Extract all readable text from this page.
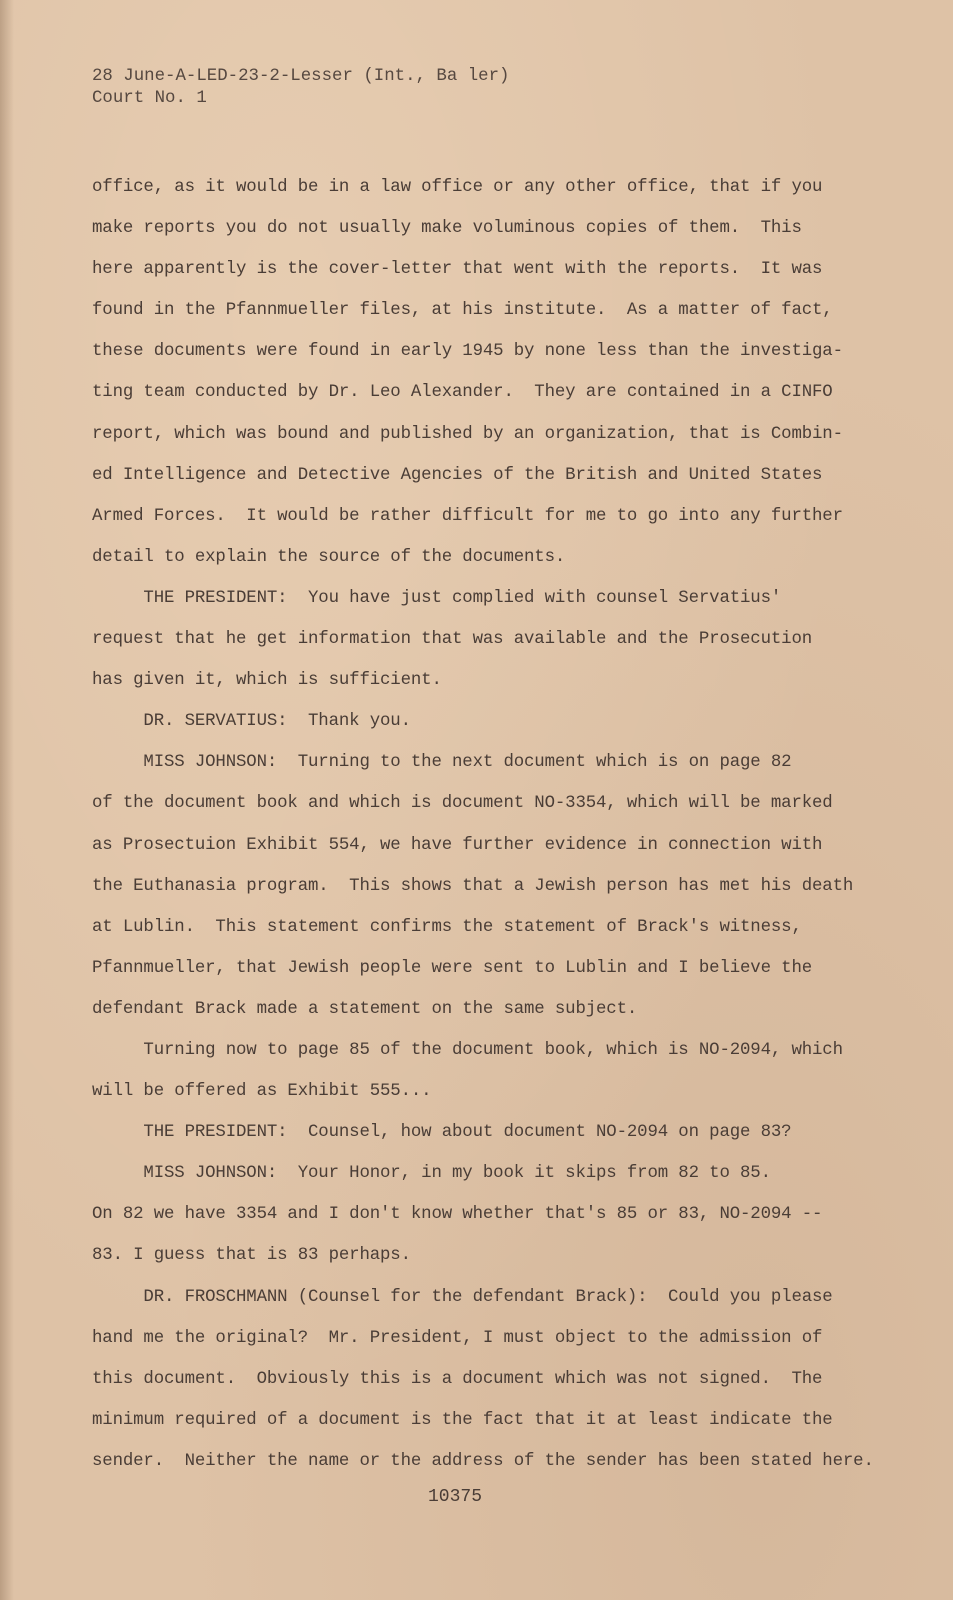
28 June-A-LED-23-2-Lesser (Int., Ba ler)
Court No. 1
office, as it would be in a law office or any other office, that if you
make reports you do not usually make voluminous copies of them.  This
here apparently is the cover-letter that went with the reports.  It was
found in the Pfannmueller files, at his institute.  As a matter of fact,
these documents were found in early 1945 by none less than the investiga-
ting team conducted by Dr. Leo Alexander.  They are contained in a CINFO
report, which was bound and published by an organization, that is Combin-
ed Intelligence and Detective Agencies of the British and United States
Armed Forces.  It would be rather difficult for me to go into any further
detail to explain the source of the documents.
THE PRESIDENT:  You have just complied with counsel Servatius'
request that he get information that was available and the Prosecution
has given it, which is sufficient.
DR. SERVATIUS:  Thank you.
MISS JOHNSON:  Turning to the next document which is on page 82
of the document book and which is document NO-3354, which will be marked
as Prosectuion Exhibit 554, we have further evidence in connection with
the Euthanasia program.  This shows that a Jewish person has met his death
at Lublin.  This statement confirms the statement of Brack's witness,
Pfannmueller, that Jewish people were sent to Lublin and I believe the
defendant Brack made a statement on the same subject.
Turning now to page 85 of the document book, which is NO-2094, which
will be offered as Exhibit 555...
THE PRESIDENT:  Counsel, how about document NO-2094 on page 83?
MISS JOHNSON:  Your Honor, in my book it skips from 82 to 85.
On 82 we have 3354 and I don't know whether that's 85 or 83, NO-2094 --
83. I guess that is 83 perhaps.
DR. FROSCHMANN (Counsel for the defendant Brack):  Could you please
hand me the original?  Mr. President, I must object to the admission of
this document.  Obviously this is a document which was not signed.  The
minimum required of a document is the fact that it at least indicate the
sender.  Neither the name or the address of the sender has been stated here.
10375
